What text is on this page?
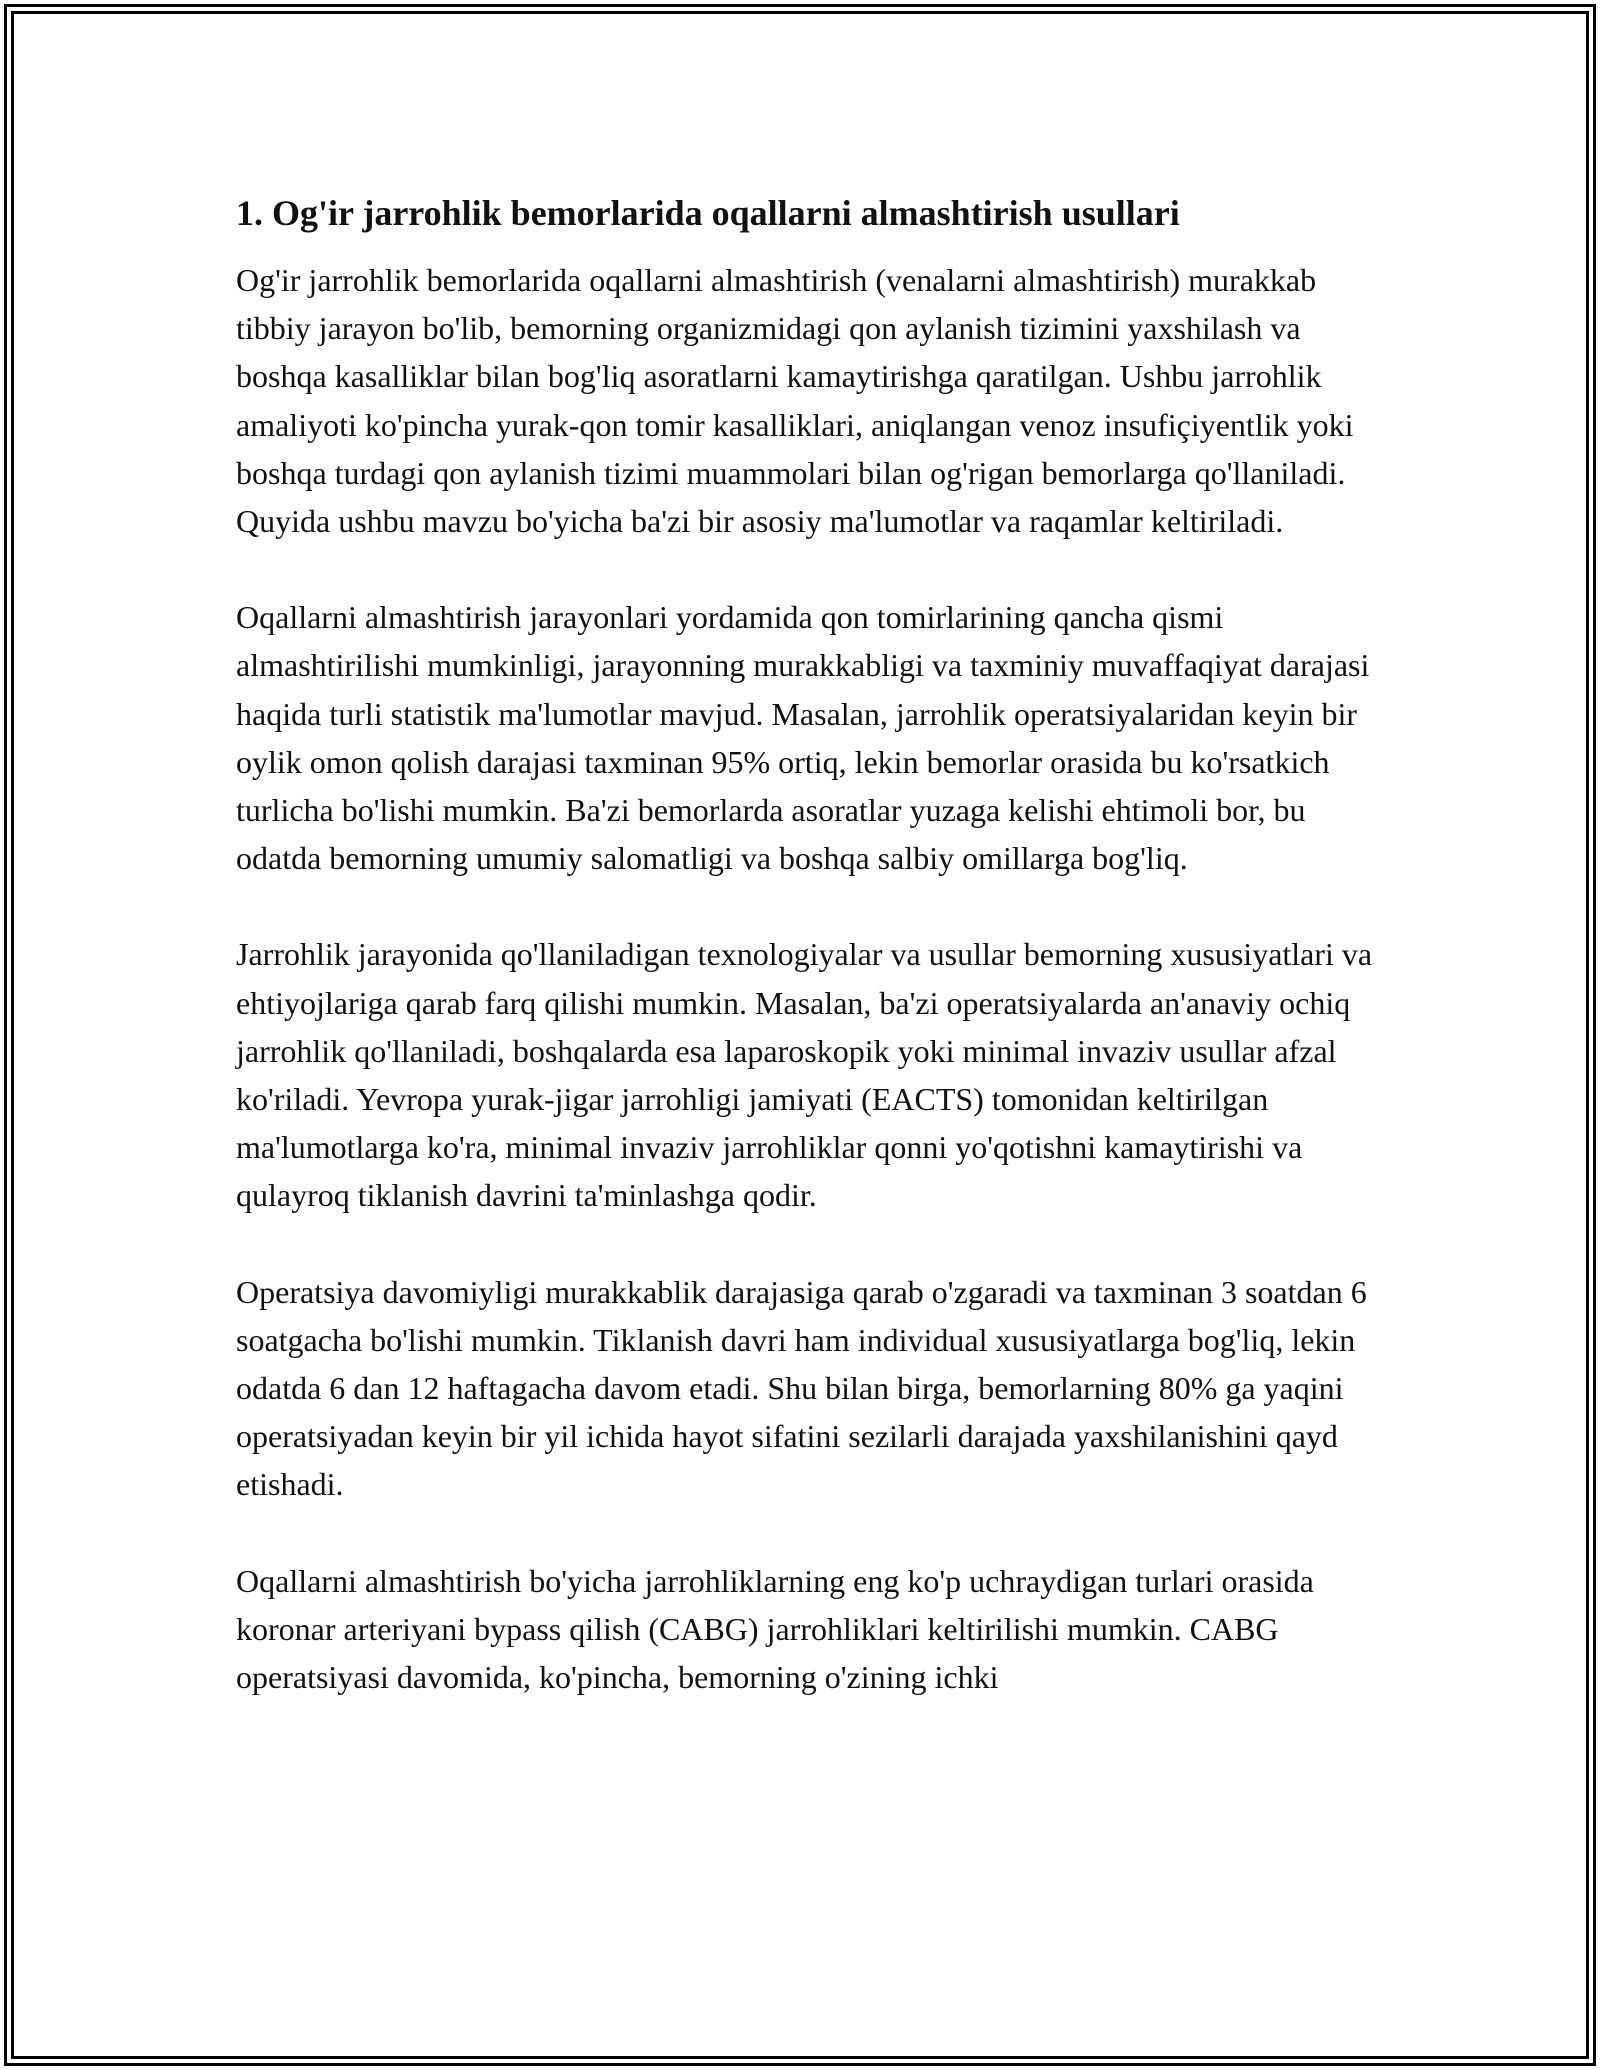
1. Og'ir jarrohlik bemorlarida oqallarni almashtirish usullari

Og'ir jarrohlik bemorlarida oqallarni almashtirish (venalarni almashtirish) murakkab tibbiy jarayon bo'lib, bemorning organizmidagi qon aylanish tizimini yaxshilash va boshqa kasalliklar bilan bog'liq asoratlarni kamaytirishga qaratilgan. Ushbu jarrohlik amaliyoti ko'pincha yurak-qon tomir kasalliklari, aniqlangan venoz insufiçiyentlik yoki boshqa turdagi qon aylanish tizimi muammolari bilan og'rigan bemorlarga qo'llaniladi. Quyida ushbu mavzu bo'yicha ba'zi bir asosiy ma'lumotlar va raqamlar keltiriladi.

Oqallarni almashtirish jarayonlari yordamida qon tomirlarining qancha qismi almashtirilishi mumkinligi, jarayonning murakkabligi va taxminiy muvaffaqiyat darajasi haqida turli statistik ma'lumotlar mavjud. Masalan, jarrohlik operatsiyalaridan keyin bir oylik omon qolish darajasi taxminan 95% ortiq, lekin bemorlar orasida bu ko'rsatkich turlicha bo'lishi mumkin. Ba'zi bemorlarda asoratlar yuzaga kelishi ehtimoli bor, bu odatda bemorning umumiy salomatligi va boshqa salbiy omillarga bog'liq.

Jarrohlik jarayonida qo'llaniladigan texnologiyalar va usullar bemorning xususiyatlari va ehtiyojlariga qarab farq qilishi mumkin. Masalan, ba'zi operatsiyalarda an'anaviy ochiq jarrohlik qo'llaniladi, boshqalarda esa laparoskopik yoki minimal invaziv usullar afzal ko'riladi. Yevropa yurak-jigar jarrohligi jamiyati (EACTS) tomonidan keltirilgan ma'lumotlarga ko'ra, minimal invaziv jarrohliklar qonni yo'qotishni kamaytirishi va qulayroq tiklanish davrini ta'minlashga qodir.

Operatsiya davomiyligi murakkablik darajasiga qarab o'zgaradi va taxminan 3 soatdan 6 soatgacha bo'lishi mumkin. Tiklanish davri ham individual xususiyatlarga bog'liq, lekin odatda 6 dan 12 haftagacha davom etadi. Shu bilan birga, bemorlarning 80% ga yaqini operatsiyadan keyin bir yil ichida hayot sifatini sezilarli darajada yaxshilanishini qayd etishadi.

Oqallarni almashtirish bo'yicha jarrohliklarning eng ko'p uchraydigan turlari orasida koronar arteriyani bypass qilish (CABG) jarrohliklari keltirilishi mumkin. CABG operatsiyasi davomida, ko'pincha, bemorning o'zining ichki
